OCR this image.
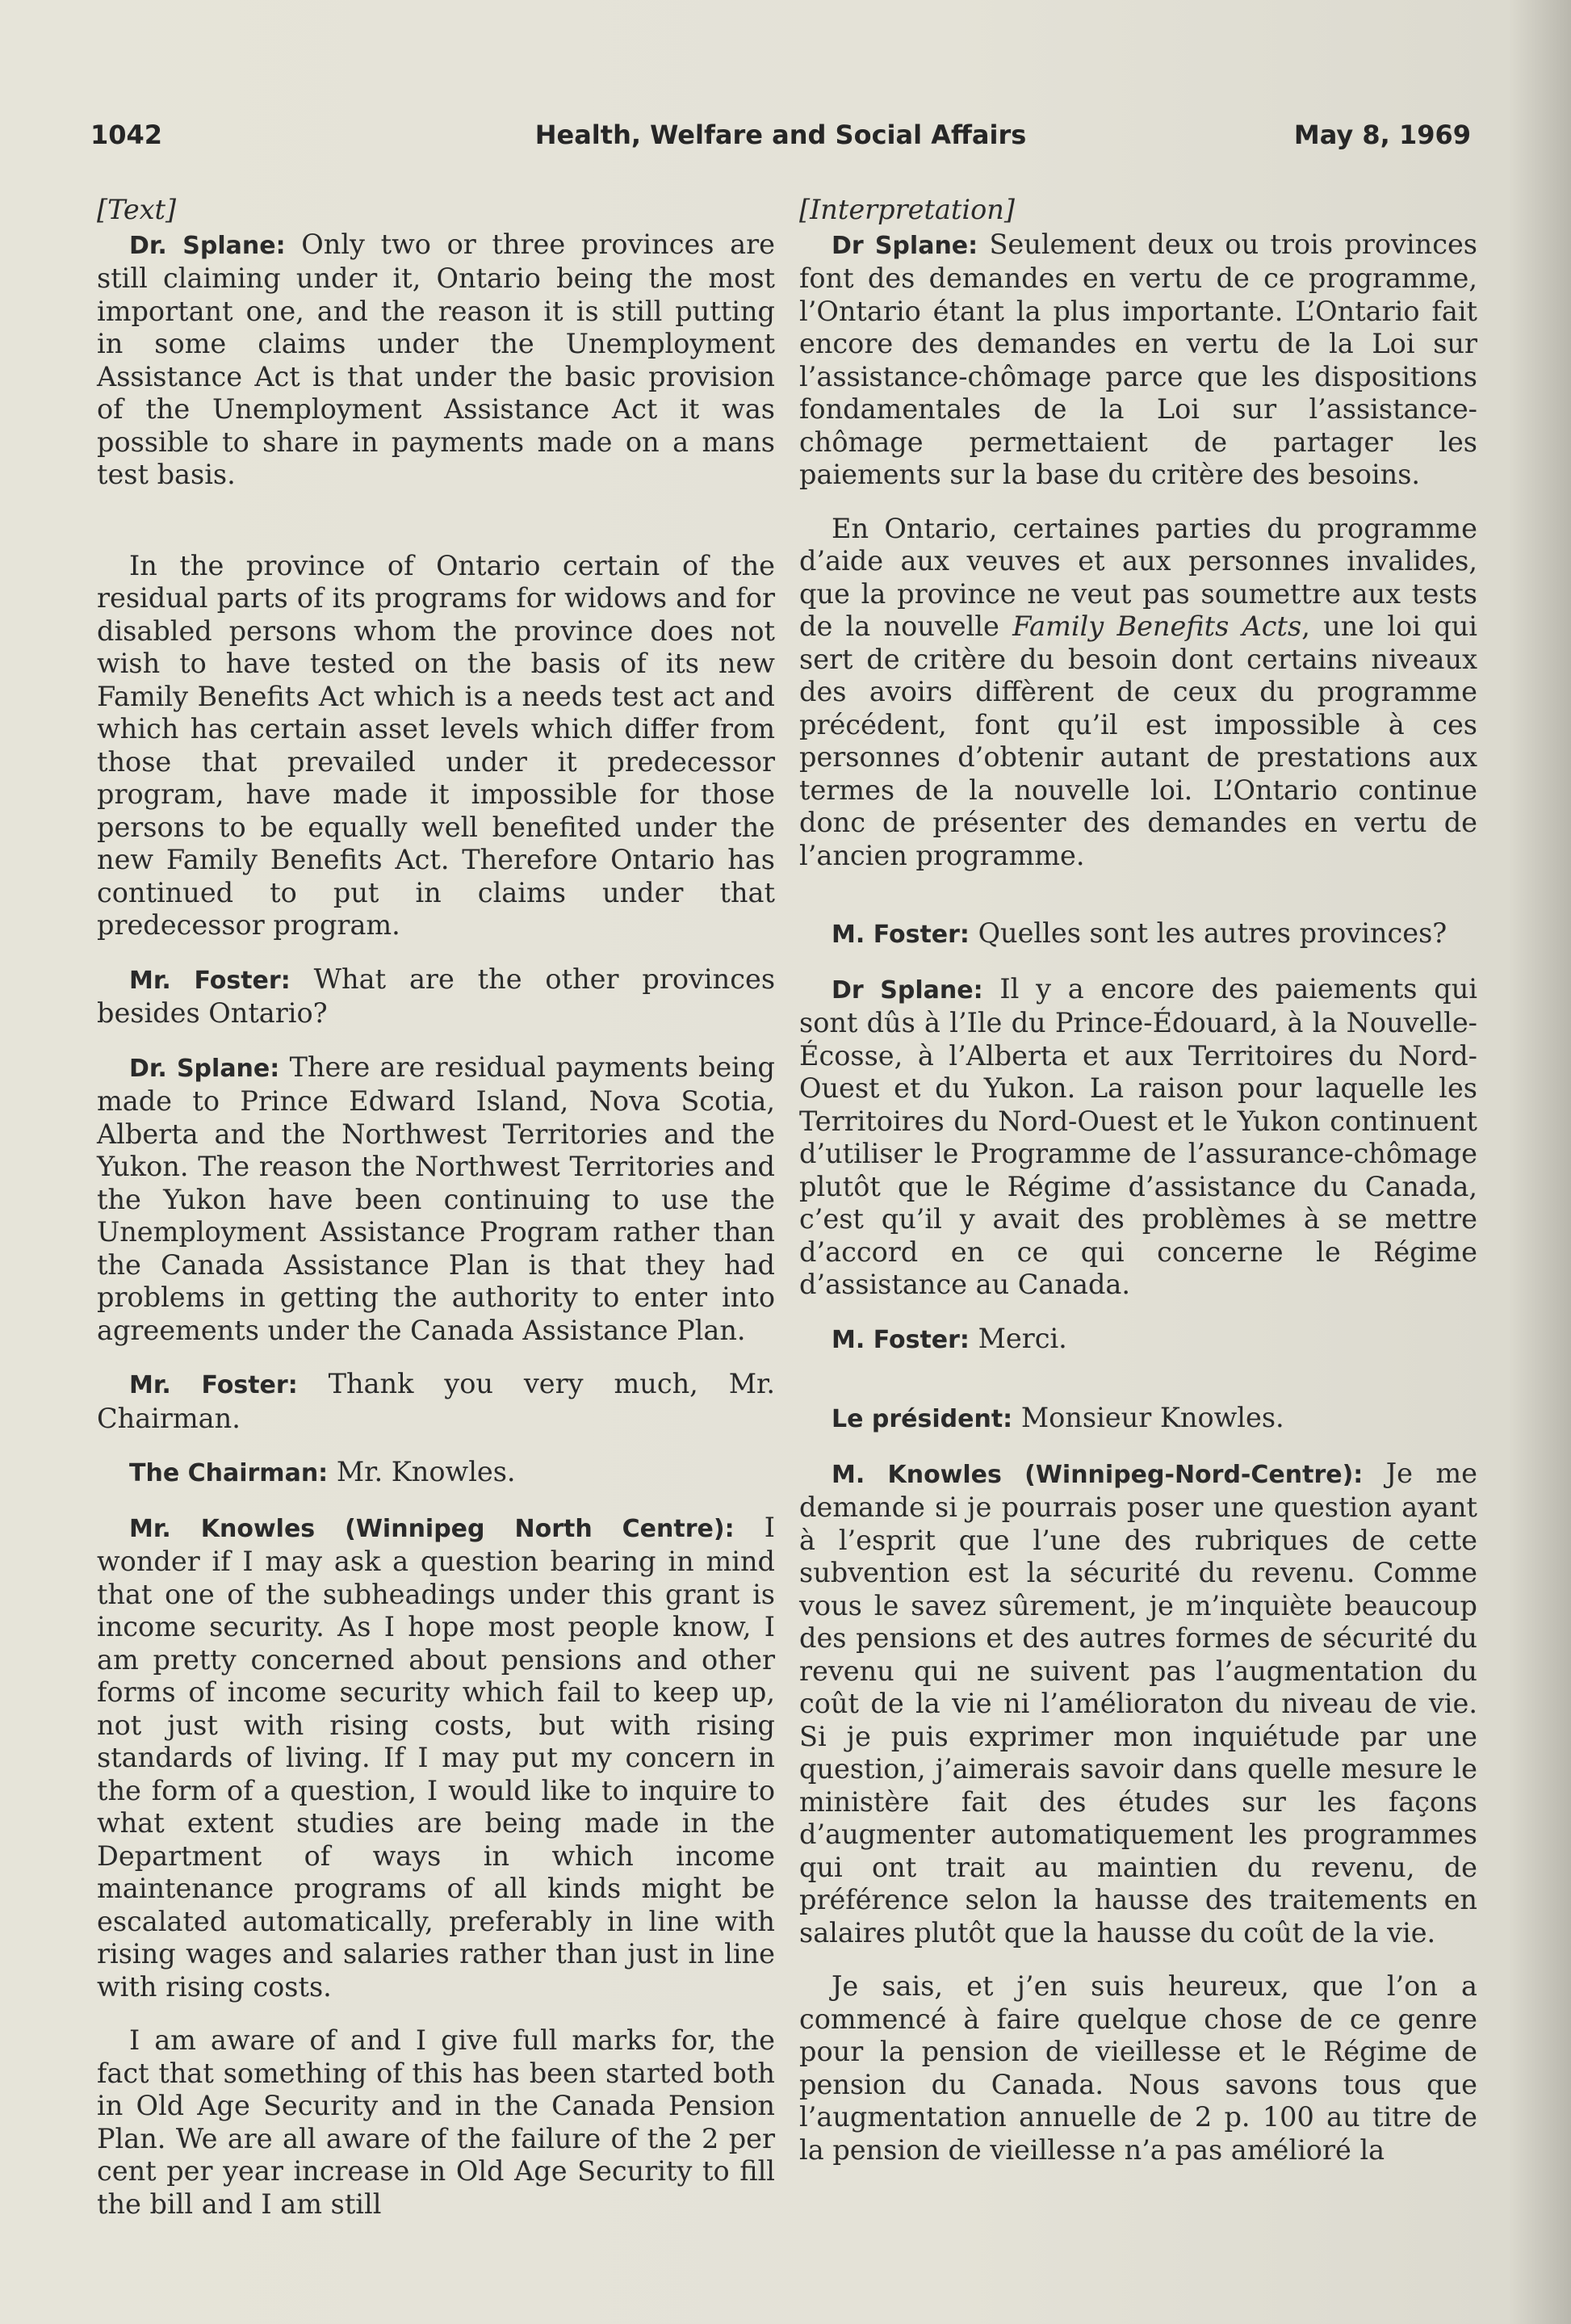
1042	Health, Welfare and Social Affairs	May 8, 1969

[Text]

Dr. Splane: Only two or three provinces are still claiming under it, Ontario being the most important one, and the reason it is still putting in some claims under the Unemployment Assistance Act is that under the basic provision of the Unemployment Assistance Act it was possible to share in payments made on a mans test basis.

In the province of Ontario certain of the residual parts of its programs for widows and for disabled persons whom the province does not wish to have tested on the basis of its new Family Benefits Act which is a needs test act and which has certain asset levels which differ from those that prevailed under it predecessor program, have made it impossible for those persons to be equally well benefited under the new Family Benefits Act. Therefore Ontario has continued to put in claims under that predecessor program.

Mr. Foster: What are the other provinces besides Ontario?

Dr. Splane: There are residual payments being made to Prince Edward Island, Nova Scotia, Alberta and the Northwest Territories and the Yukon. The reason the Northwest Territories and the Yukon have been continuing to use the Unemployment Assistance Program rather than the Canada Assistance Plan is that they had problems in getting the authority to enter into agreements under the Canada Assistance Plan.

Mr. Foster: Thank you very much, Mr. Chairman.

The Chairman: Mr. Knowles.

Mr. Knowles (Winnipeg North Centre): I wonder if I may ask a question bearing in mind that one of the subheadings under this grant is income security. As I hope most people know, I am pretty concerned about pensions and other forms of income security which fail to keep up, not just with rising costs, but with rising standards of living. If I may put my concern in the form of a question, I would like to inquire to what extent studies are being made in the Department of ways in which income maintenance programs of all kinds might be escalated automatically, preferably in line with rising wages and salaries rather than just in line with rising costs.

I am aware of and I give full marks for, the fact that something of this has been started both in Old Age Security and in the Canada Pension Plan. We are all aware of the failure of the 2 per cent per year increase in Old Age Security to fill the bill and I am still

[Interpretation]

Dr Splane: Seulement deux ou trois provinces font des demandes en vertu de ce programme, l’Ontario étant la plus importante. L’Ontario fait encore des demandes en vertu de la Loi sur l’assistance-chômage parce que les dispositions fondamentales de la Loi sur l’assistance-chômage permettaient de partager les paiements sur la base du critère des besoins.

En Ontario, certaines parties du programme d’aide aux veuves et aux personnes invalides, que la province ne veut pas soumettre aux tests de la nouvelle Family Benefits Acts, une loi qui sert de critère du besoin dont certains niveaux des avoirs diffèrent de ceux du programme précédent, font qu’il est impossible à ces personnes d’obtenir autant de prestations aux termes de la nouvelle loi. L’Ontario continue donc de présenter des demandes en vertu de l’ancien programme.

M. Foster: Quelles sont les autres provinces?

Dr Splane: Il y a encore des paiements qui sont dûs à l’Ile du Prince-Édouard, à la Nouvelle-Écosse, à l’Alberta et aux Territoires du Nord-Ouest et du Yukon. La raison pour laquelle les Territoires du Nord-Ouest et le Yukon continuent d’utiliser le Programme de l’assurance-chômage plutôt que le Régime d’assistance du Canada, c’est qu’il y avait des problèmes à se mettre d’accord en ce qui concerne le Régime d’assistance au Canada.

M. Foster: Merci.

Le président: Monsieur Knowles.

M. Knowles (Winnipeg-Nord-Centre): Je me demande si je pourrais poser une question ayant à l’esprit que l’une des rubriques de cette subvention est la sécurité du revenu. Comme vous le savez sûrement, je m’inquiète beaucoup des pensions et des autres formes de sécurité du revenu qui ne suivent pas l’augmentation du coût de la vie ni l’amélioraton du niveau de vie. Si je puis exprimer mon inquiétude par une question, j’aimerais savoir dans quelle mesure le ministère fait des études sur les façons d’augmenter automatiquement les programmes qui ont trait au maintien du revenu, de préférence selon la hausse des traitements en salaires plutôt que la hausse du coût de la vie.

Je sais, et j’en suis heureux, que l’on a commencé à faire quelque chose de ce genre pour la pension de vieillesse et le Régime de pension du Canada. Nous savons tous que l’augmentation annuelle de 2 p. 100 au titre de la pension de vieillesse n’a pas amélioré la
